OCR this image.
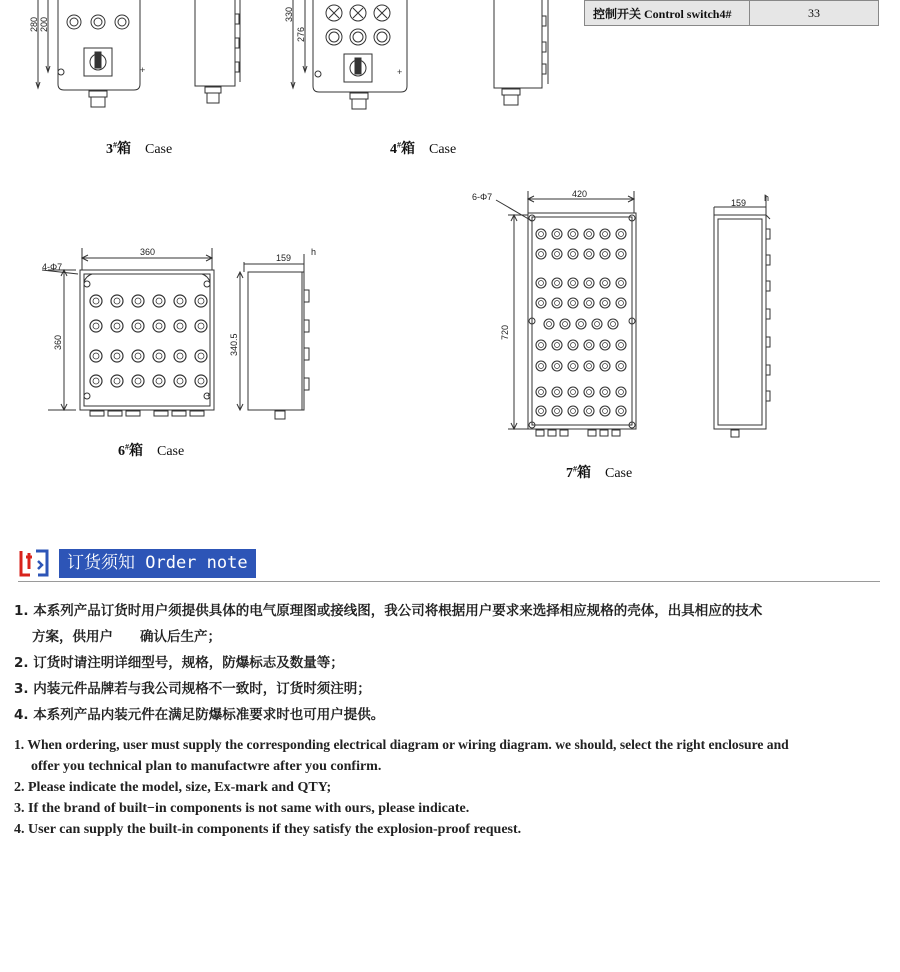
控制开关 Control switch4#	33
+
280 200
3#箱 Case
+
330
276
4#箱 Case
+
360
4-Φ7
360
159
h
340.5
6#箱 Case
420
6-Φ7
720
159 h
7#箱 Case
订货须知 Order note
1. 本系列产品订货时用户须提供具体的电气原理图或接线图，我公司将根据用户要求来选择相应规格的壳体，出具相应的技术
方案，供用户　　确认后生产；
2. 订货时请注明详细型号，规格，防爆标志及数量等；
3. 内装元件品牌若与我公司规格不一致时，订货时须注明；
4. 本系列产品内装元件在满足防爆标准要求时也可用户提供。
1. When ordering, user must supply the corresponding electrical diagram or wiring diagram. we should, select the right enclosure and
offer you technical plan to manufactwre after you confirm.
2. Please indicate the model, size, Ex-mark and QTY;
3. If the brand of built−in components is not same with ours, please indicate.
4. User can supply the built-in components if they satisfy the explosion-proof request.
